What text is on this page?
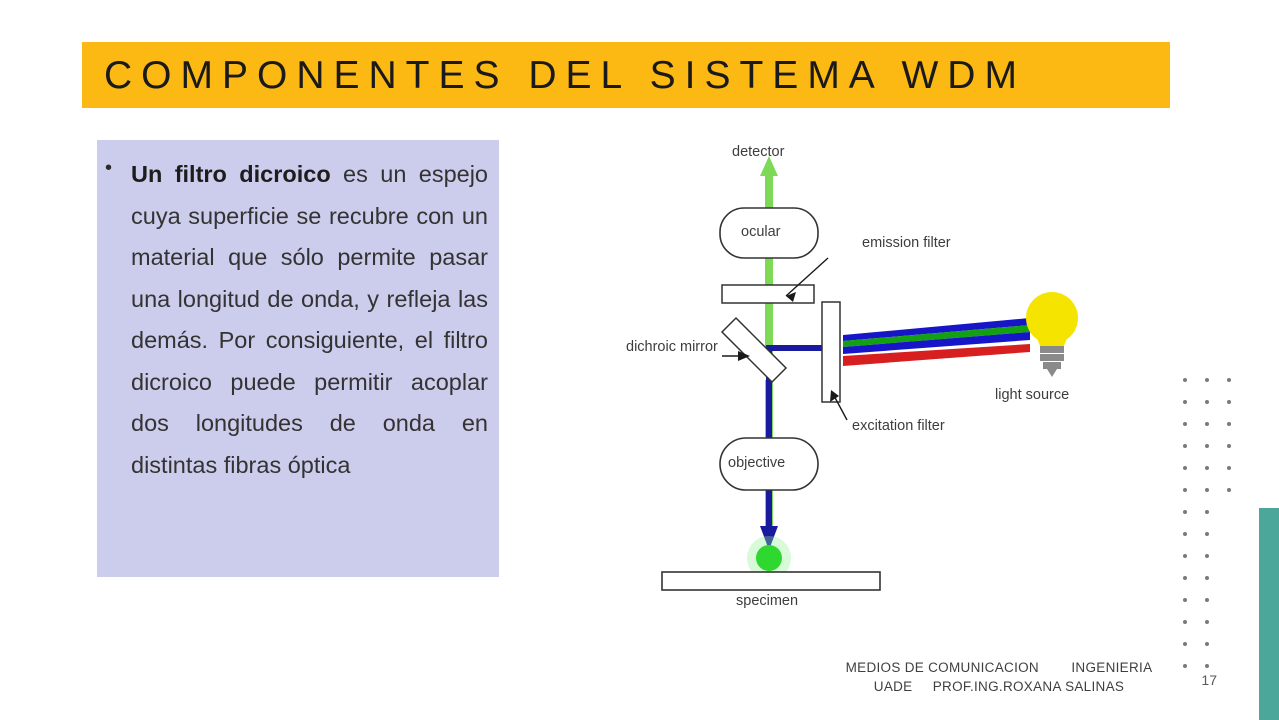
COMPONENTES DEL SISTEMA WDM
• Un filtro dicroico es un espejo cuya superficie se recubre con un material que sólo permite pasar una longitud de onda, y refleja las demás. Por consiguiente, el filtro dicroico puede permitir acoplar dos longitudes de onda en distintas fibras óptica
detector
ocular
emission filter
dichroic mirror
excitation filter
light source
objective
specimen
MEDIOS DE COMUNICACION        INGENIERIA
UADE     PROF.ING.ROXANA SALINAS	17
